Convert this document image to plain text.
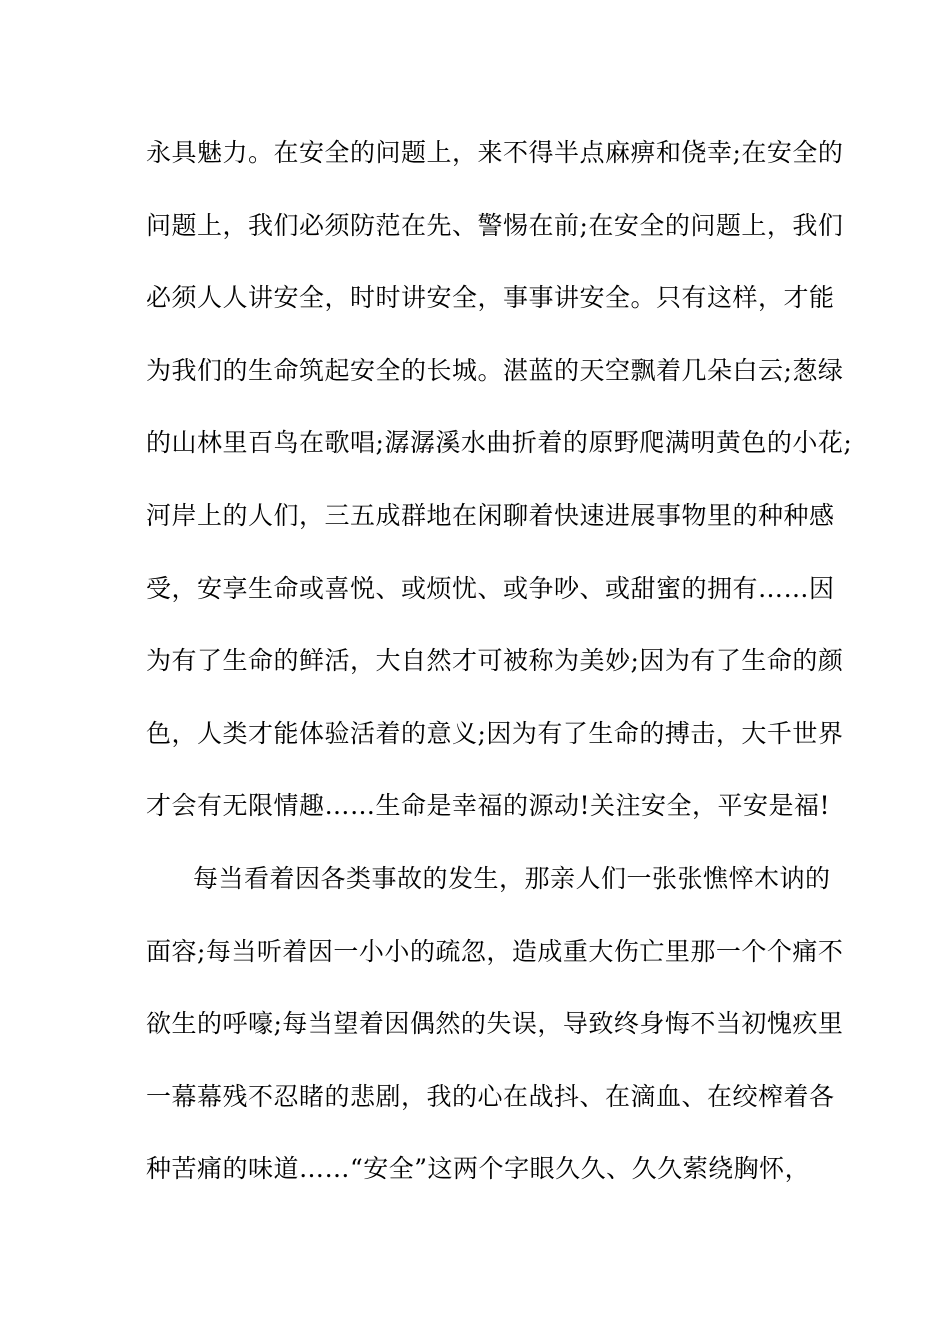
永具魅力。在安全的问题上，来不得半点麻痹和侥幸;在安全的
问题上，我们必须防范在先、警惕在前;在安全的问题上，我们
必须人人讲安全，时时讲安全，事事讲安全。只有这样，才能
为我们的生命筑起安全的长城。湛蓝的天空飘着几朵白云;葱绿
的山林里百鸟在歌唱;潺潺溪水曲折着的原野爬满明黄色的小花;
河岸上的人们，三五成群地在闲聊着快速进展事物里的种种感
受，安享生命或喜悦、或烦忧、或争吵、或甜蜜的拥有……因
为有了生命的鲜活，大自然才可被称为美妙;因为有了生命的颜
色，人类才能体验活着的意义;因为有了生命的搏击，大千世界
才会有无限情趣……生命是幸福的源动!关注安全，平安是福!
每当看着因各类事故的发生，那亲人们一张张憔悴木讷的
面容;每当听着因一小小的疏忽，造成重大伤亡里那一个个痛不
欲生的呼嚎;每当望着因偶然的失误，导致终身悔不当初愧疚里
一幕幕残不忍睹的悲剧，我的心在战抖、在滴血、在绞榨着各
种苦痛的味道……“安全”这两个字眼久久、久久萦绕胸怀，
